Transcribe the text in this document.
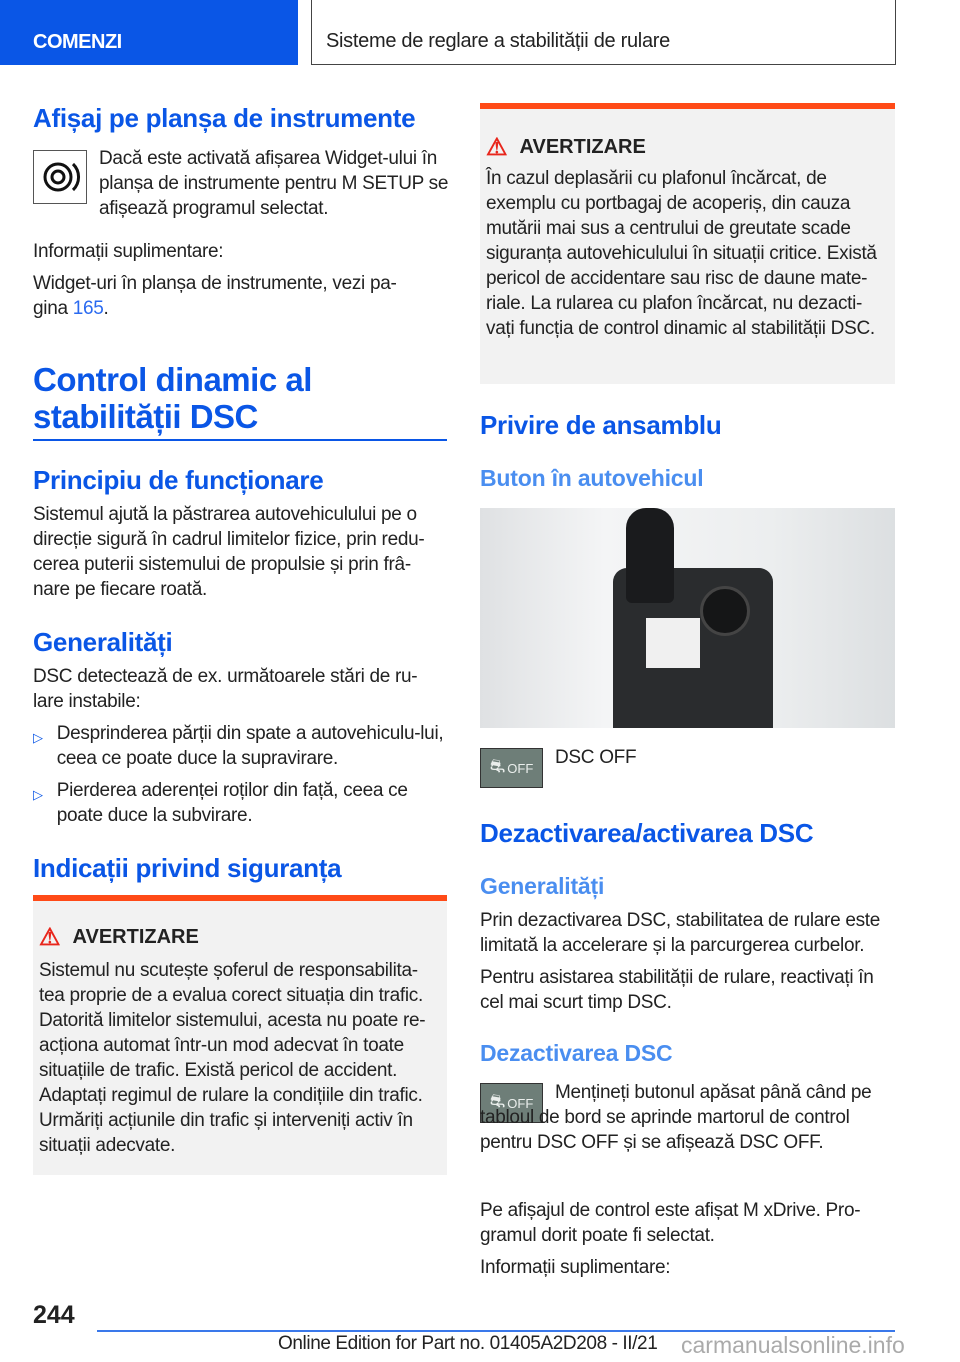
COMENZI	Sisteme de reglare a stabilității de rulare
Afișaj pe planșa de instrumente
Dacă este activată afișarea Widget-ului în planșa de instrumente pentru M SETUP se afișează programul selectat.
Informații suplimentare:
Widget-uri în planșa de instrumente, vezi pa-gina 165.
Control dinamic al
stabilității DSC
Principiu de funcționare
Sistemul ajută la păstrarea autovehiculului pe o direcție sigură în cadrul limitelor fizice, prin redu-cerea puterii sistemului de propulsie și prin frâ-nare pe fiecare roată.
Generalități
DSC detectează de ex. următoarele stări de ru-lare instabile:
▷ Desprinderea părții din spate a autovehiculu-lui, ceea ce poate duce la supravirare.
▷ Pierderea aderenței roților din față, ceea ce poate duce la subvirare.
Indicații privind siguranța
⚠ AVERTIZARE
Sistemul nu scutește șoferul de responsabilita-tea proprie de a evalua corect situația din trafic. Datorită limitelor sistemului, acesta nu poate re-acționa automat într-un mod adecvat în toate situațiile de trafic. Există pericol de accident. Adaptați regimul de rulare la condițiile din trafic. Urmăriți acțiunile din trafic și interveniți activ în situații adecvate.
⚠ AVERTIZARE
În cazul deplasării cu plafonul încărcat, de exemplu cu portbagaj de acoperiș, din cauza mutării mai sus a centrului de greutate scade siguranța autovehiculului în situații critice. Există pericol de accidentare sau risc de daune mate-riale. La rularea cu plafon încărcat, nu dezacti-vați funcția de control dinamic al stabilității DSC.
Privire de ansamblu
Buton în autovehicul
⛐ OFF DSC OFF
Dezactivarea/activarea DSC
Generalități
Prin dezactivarea DSC, stabilitatea de rulare este limitată la accelerare și la parcurgerea curbelor.
Pentru asistarea stabilității de rulare, reactivați în cel mai scurt timp DSC.
Dezactivarea DSC
⛐ OFF	Mențineți butonul apăsat până când pe tabloul de bord se aprinde martorul de control pentru DSC OFF și se afișează DSC OFF.
Pe afișajul de control este afișat M xDrive. Pro-gramul dorit poate fi selectat.
Informații suplimentare:
244
Online Edition for Part no. 01405A2D208 - II/21 carmanualsonline.info
